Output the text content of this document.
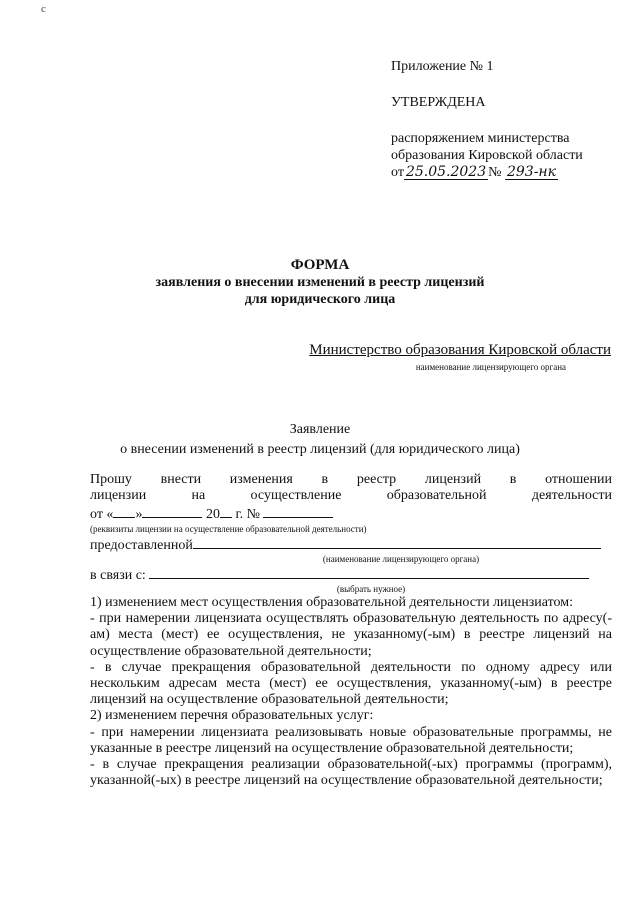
с
Приложение № 1
УТВЕРЖДЕНА
распоряжением министерства
образования Кировской области
от 25.05.2023 № 293-нк
ФОРМА
заявления о внесении изменений в реестр лицензий
для юридического лица
Министерство образования Кировской области
наименование лицензирующего органа
Заявление
о внесении изменений в реестр лицензий (для юридического лица)
Прошу внести изменения в реестр лицензий в отношении
лицензии на осуществление образовательной деятельности
от « »	20 г. №
(реквизиты лицензии на осуществление образовательной деятельности)
предоставленной
(наименование лицензирующего органа)
в связи с:
(выбрать нужное)

1) изменением мест осуществления образовательной деятельности лицензиатом:

- при намерении лицензиата осуществлять образовательную деятельность по адресу(-ам) места (мест) ее осуществления, не указанному(-ым) в реестре лицензий на осуществление образовательной деятельности;

- в случае прекращения образовательной деятельности по одному адресу или нескольким адресам места (мест) ее осуществления, указанному(-ым) в реестре лицензий на осуществление образовательной деятельности;

2) изменением перечня образовательных услуг:

- при намерении лицензиата реализовывать новые образовательные программы, не указанные в реестре лицензий на осуществление образовательной деятельности;

- в случае прекращения реализации образовательной(-ых) программы (программ), указанной(-ых) в реестре лицензий на осуществление образовательной деятельности;
